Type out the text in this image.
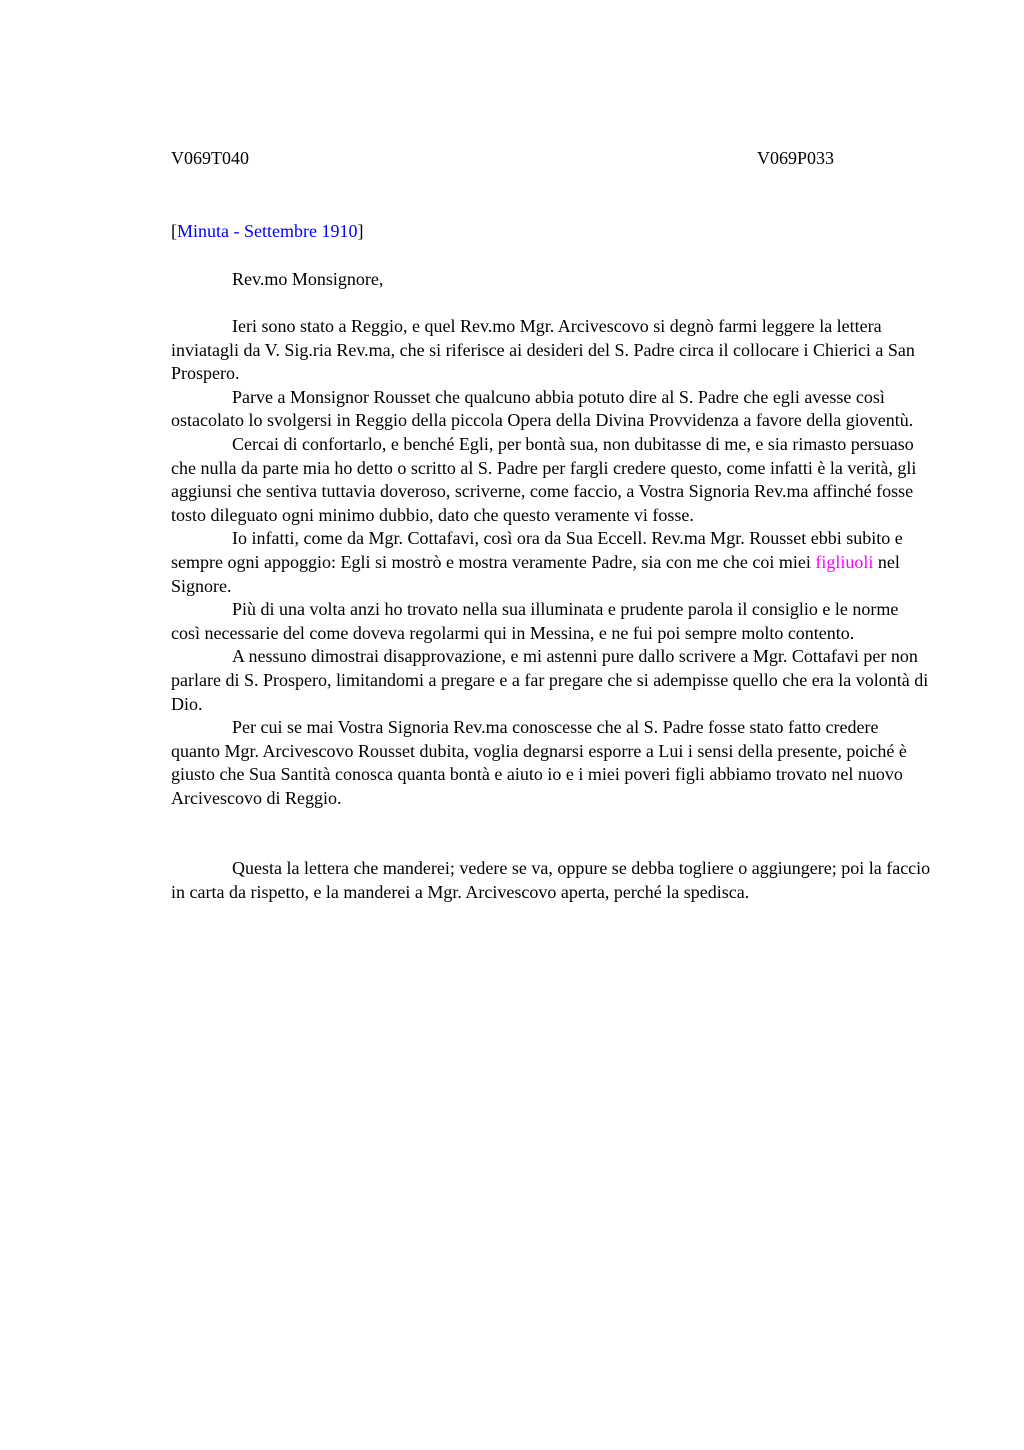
V069T040	V069P033
[Minuta - Settembre 1910]
Rev.mo Monsignore,

Ieri sono stato a Reggio, e quel Rev.mo Mgr. Arcivescovo si degnò farmi leggere la lettera inviatagli da V. Sig.ria Rev.ma, che si riferisce ai desideri del S. Padre circa il collocare i Chierici a San Prospero.

Parve a Monsignor Rousset che qualcuno abbia potuto dire al S. Padre che egli avesse così ostacolato lo svolgersi in Reggio della piccola Opera della Divina Provvidenza a favore della gioventù.

Cercai di confortarlo, e benché Egli, per bontà sua, non dubitasse di me, e sia rimasto persuaso che nulla da parte mia ho detto o scritto al S. Padre per fargli credere questo, come infatti è la verità, gli aggiunsi che sentiva tuttavia doveroso, scriverne, come faccio, a Vostra Signoria Rev.ma affinché fosse tosto dileguato ogni minimo dubbio, dato che questo veramente vi fosse.

Io infatti, come da Mgr. Cottafavi, così ora da Sua Eccell. Rev.ma Mgr. Rousset ebbi subito e sempre ogni appoggio: Egli si mostrò e mostra veramente Padre, sia con me che coi miei figliuoli nel Signore.

Più di una volta anzi ho trovato nella sua illuminata e prudente parola il consiglio e le norme così necessarie del come doveva regolarmi qui in Messina, e ne fui poi sempre molto contento.

A nessuno dimostrai disapprovazione, e mi astenni pure dallo scrivere a Mgr. Cottafavi per non parlare di S. Prospero, limitandomi a pregare e a far pregare che si adempisse quello che era la volontà di Dio.

Per cui se mai Vostra Signoria Rev.ma conoscesse che al S. Padre fosse stato fatto credere quanto Mgr. Arcivescovo Rousset dubita, voglia degnarsi esporre a Lui i sensi della presente, poiché è giusto che Sua Santità conosca quanta bontà e aiuto io e i miei poveri figli abbiamo trovato nel nuovo Arcivescovo di Reggio.

Questa la lettera che manderei; vedere se va, oppure se debba togliere o aggiungere; poi la faccio in carta da rispetto, e la manderei a Mgr. Arcivescovo aperta, perché la spedisca.
